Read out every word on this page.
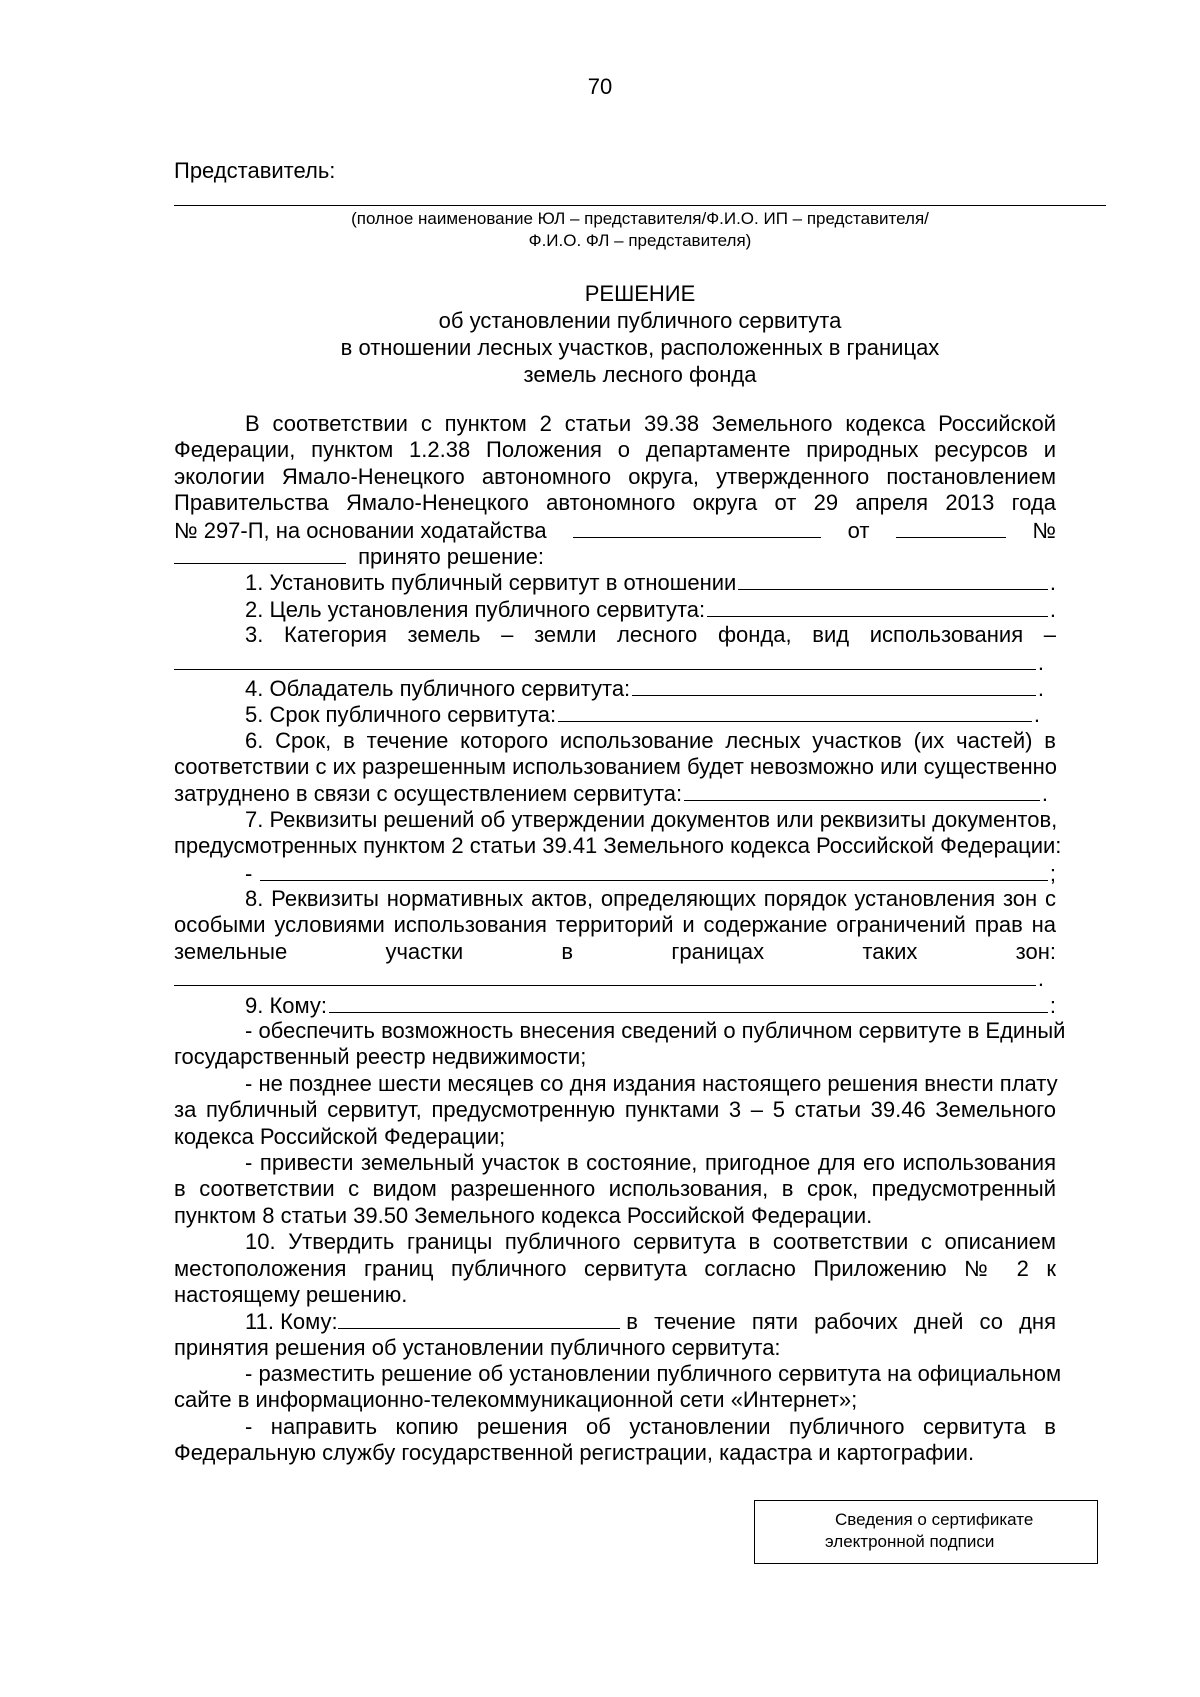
70
Представитель:
(полное наименование ЮЛ – представителя/Ф.И.О. ИП – представителя/
Ф.И.О. ФЛ – представителя)
РЕШЕНИЕ
об установлении публичного сервитута
в отношении лесных участков, расположенных в границах
земель лесного фонда
В соответствии с пунктом 2 статьи 39.38 Земельного кодекса Российской
Федерации, пунктом 1.2.38 Положения о департаменте природных ресурсов и
экологии Ямало-Ненецкого автономного округа, утвержденного постановлением
Правительства Ямало-Ненецкого автономного округа от 29 апреля 2013 года
№ 297-П, на основании ходатайства	от	№
принято решение:
1. Установить публичный сервитут в отношении	.
2. Цель установления публичного сервитута:	.
3. Категория земель – земли лесного фонда, вид использования –
.
4. Обладатель публичного сервитута:	.
5. Срок публичного сервитута:	.
6. Срок, в течение которого использование лесных участков (их частей) в
соответствии с их разрешенным использованием будет невозможно или существенно
затруднено в связи с осуществлением сервитута:	.
7. Реквизиты решений об утверждении документов или реквизиты документов,
предусмотренных пунктом 2 статьи 39.41 Земельного кодекса Российской Федерации:
-	;
8. Реквизиты нормативных актов, определяющих порядок установления зон с
особыми условиями использования территорий и содержание ограничений прав на
земельные участки в границах таких зон:
.
9. Кому:	:
- обеспечить возможность внесения сведений о публичном сервитуте в Единый
государственный реестр недвижимости;
- не позднее шести месяцев со дня издания настоящего решения внести плату
за публичный сервитут, предусмотренную пунктами 3 – 5 статьи 39.46 Земельного
кодекса Российской Федерации;
- привести земельный участок в состояние, пригодное для его использования
в соответствии с видом разрешенного использования, в срок, предусмотренный
пунктом 8 статьи 39.50 Земельного кодекса Российской Федерации.
10. Утвердить границы публичного сервитута в соответствии с описанием
местоположения границ публичного сервитута согласно Приложению № 2 к
настоящему решению.
11. Кому:	в течение пяти рабочих дней со дня
принятия решения об установлении публичного сервитута:
- разместить решение об установлении публичного сервитута на официальном
сайте в информационно-телекоммуникационной сети «Интернет»;
- направить копию решения об установлении публичного сервитута в
Федеральную службу государственной регистрации, кадастра и картографии.
Сведения о сертификате
электронной подписи
